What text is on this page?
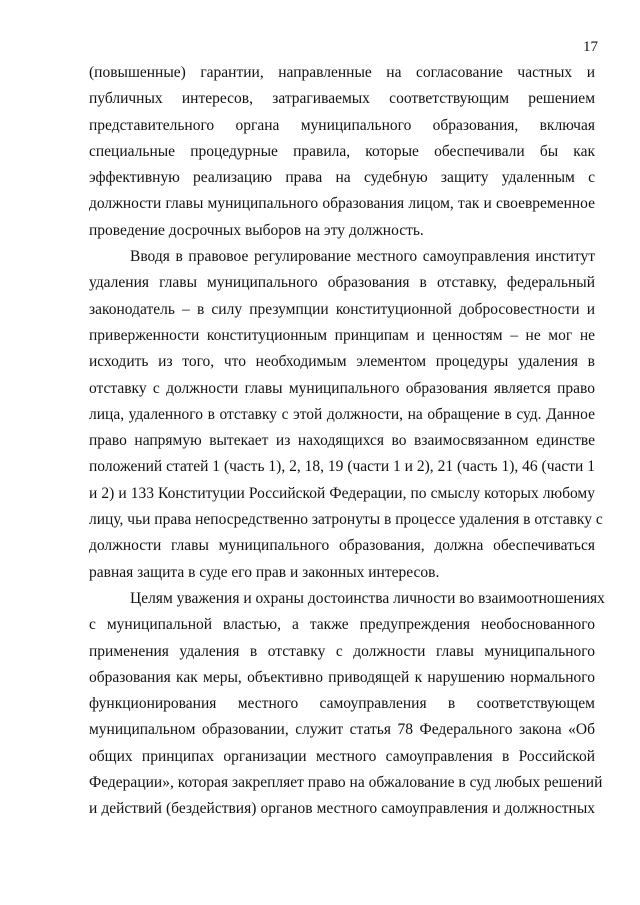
17
(повышенные) гарантии, направленные на согласование частных и
публичных интересов, затрагиваемых соответствующим решением
представительного органа муниципального образования, включая
специальные процедурные правила, которые обеспечивали бы как
эффективную реализацию права на судебную защиту удаленным с
должности главы муниципального образования лицом, так и своевременное
проведение досрочных выборов на эту должность.
Вводя в правовое регулирование местного самоуправления институт
удаления главы муниципального образования в отставку, федеральный
законодатель – в силу презумпции конституционной добросовестности и
приверженности конституционным принципам и ценностям – не мог не
исходить из того, что необходимым элементом процедуры удаления в
отставку с должности главы муниципального образования является право
лица, удаленного в отставку с этой должности, на обращение в суд. Данное
право напрямую вытекает из находящихся во взаимосвязанном единстве
положений статей 1 (часть 1), 2, 18, 19 (части 1 и 2), 21 (часть 1), 46 (части 1
и 2) и 133 Конституции Российской Федерации, по смыслу которых любому
лицу, чьи права непосредственно затронуты в процессе удаления в отставку с
должности главы муниципального образования, должна обеспечиваться
равная защита в суде его прав и законных интересов.
Целям уважения и охраны достоинства личности во взаимоотношениях
с муниципальной властью, а также предупреждения необоснованного
применения удаления в отставку с должности главы муниципального
образования как меры, объективно приводящей к нарушению нормального
функционирования местного самоуправления в соответствующем
муниципальном образовании, служит статья 78 Федерального закона «Об
общих принципах организации местного самоуправления в Российской
Федерации», которая закрепляет право на обжалование в суд любых решений
и действий (бездействия) органов местного самоуправления и должностных
